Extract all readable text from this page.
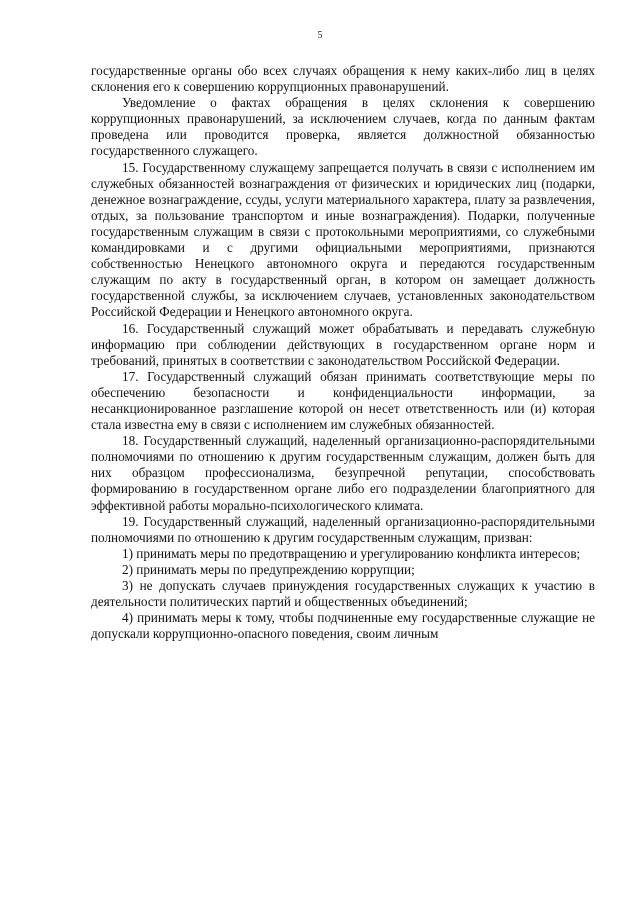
5

государственные органы обо всех случаях обращения к нему каких-либо лиц в целях склонения его к совершению коррупционных правонарушений.

Уведомление о фактах обращения в целях склонения к совершению коррупционных правонарушений, за исключением случаев, когда по данным фактам проведена или проводится проверка, является должностной обязанностью государственного служащего.

15. Государственному служащему запрещается получать в связи с исполнением им служебных обязанностей вознаграждения от физических и юридических лиц (подарки, денежное вознаграждение, ссуды, услуги материального характера, плату за развлечения, отдых, за пользование транспортом и иные вознаграждения). Подарки, полученные государственным служащим в связи с протокольными мероприятиями, со служебными командировками и с другими официальными мероприятиями, признаются собственностью Ненецкого автономного округа и передаются государственным служащим по акту в государственный орган, в котором он замещает должность государственной службы, за исключением случаев, установленных законодательством Российской Федерации и Ненецкого автономного округа.

16. Государственный служащий может обрабатывать и передавать служебную информацию при соблюдении действующих в государственном органе норм и требований, принятых в соответствии с законодательством Российской Федерации.

17. Государственный служащий обязан принимать соответствующие меры по обеспечению безопасности и конфиденциальности информации, за несанкционированное разглашение которой он несет ответственность или (и) которая стала известна ему в связи с исполнением им служебных обязанностей.

18. Государственный служащий, наделенный организационно-распорядительными полномочиями по отношению к другим государственным служащим, должен быть для них образцом профессионализма, безупречной репутации, способствовать формированию в государственном органе либо его подразделении благоприятного для эффективной работы морально-психологического климата.

19. Государственный служащий, наделенный организационно-распорядительными полномочиями по отношению к другим государственным служащим, призван:

1) принимать меры по предотвращению и урегулированию конфликта интересов;

2) принимать меры по предупреждению коррупции;

3) не допускать случаев принуждения государственных служащих к участию в деятельности политических партий и общественных объединений;

4) принимать меры к тому, чтобы подчиненные ему государственные служащие не допускали коррупционно-опасного поведения, своим личным
